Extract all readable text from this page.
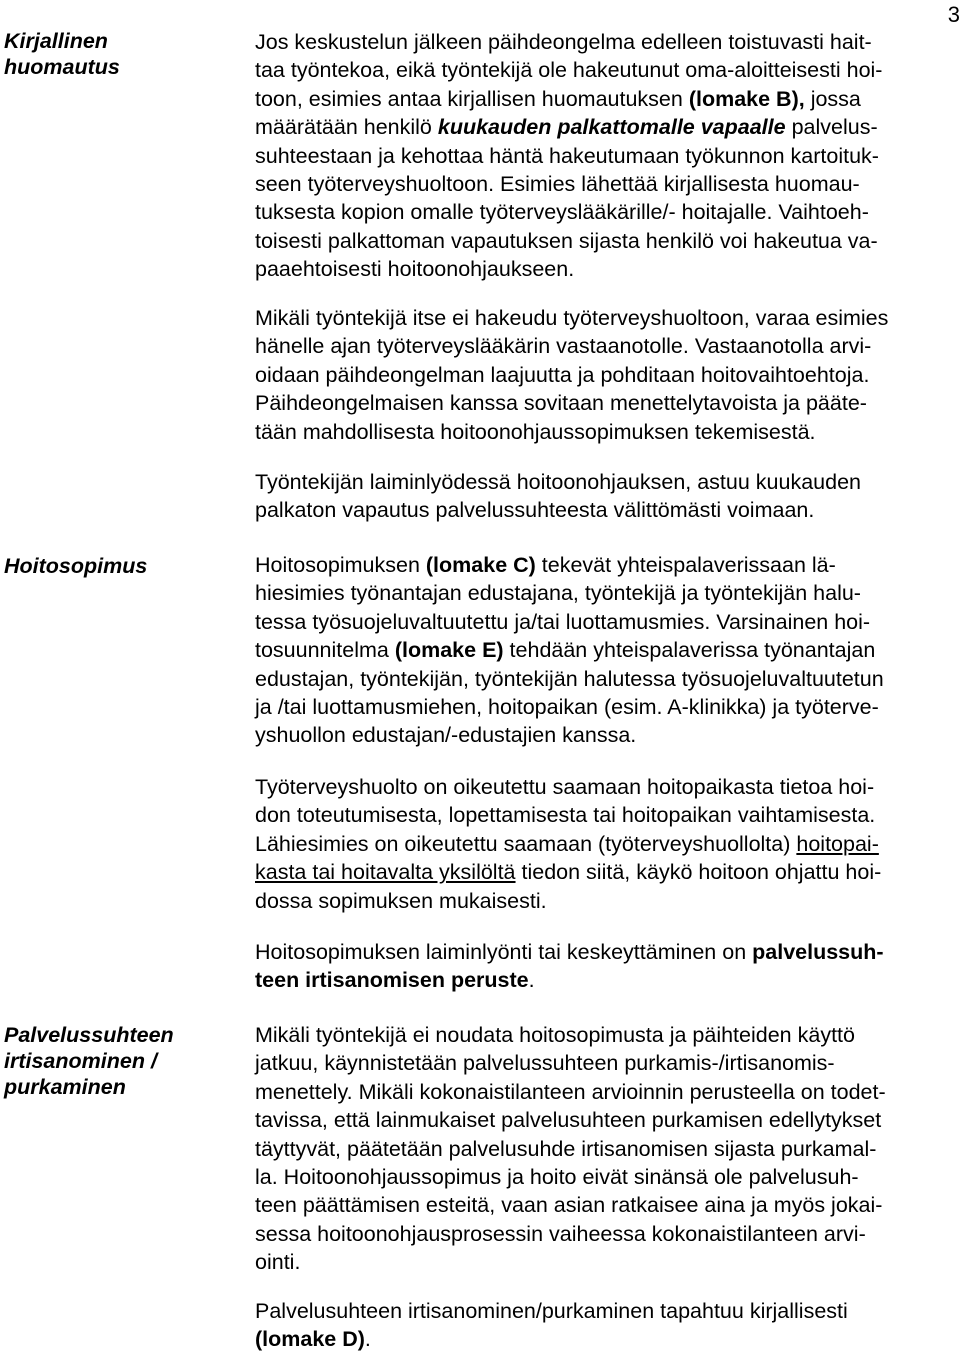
3
Kirjallinen
huomautus
Hoitosopimus
Palvelussuhteen
irtisanominen /
purkaminen
Jos keskustelun jälkeen päihdeongelma edelleen toistuvasti hait-
taa työntekoa, eikä työntekijä ole hakeutunut oma-aloitteisesti hoi-
toon, esimies antaa kirjallisen huomautuksen (lomake B), jossa
määrätään henkilö kuukauden palkattomalle vapaalle palvelus-
suhteestaan ja kehottaa häntä hakeutumaan työkunnon kartoituk-
seen työterveyshuoltoon. Esimies lähettää kirjallisesta huomau-
tuksesta kopion omalle työterveyslääkärille/- hoitajalle. Vaihtoeh-
toisesti palkattoman vapautuksen sijasta henkilö voi hakeutua va-
paaehtoisesti hoitoonohjaukseen.
Mikäli työntekijä itse ei hakeudu työterveyshuoltoon, varaa esimies
hänelle ajan työterveyslääkärin vastaanotolle. Vastaanotolla arvi-
oidaan päihdeongelman laajuutta ja pohditaan hoitovaihtoehtoja.
Päihdeongelmaisen kanssa sovitaan menettelytavoista ja pääte-
tään mahdollisesta hoitoonohjaussopimuksen tekemisestä.
Työntekijän laiminlyödessä hoitoonohjauksen, astuu kuukauden
palkaton vapautus palvelussuhteesta välittömästi voimaan.
Hoitosopimuksen (lomake C) tekevät yhteispalaverissaan lä-
hiesimies työnantajan edustajana, työntekijä ja työntekijän halu-
tessa työsuojeluvaltuutettu ja/tai luottamusmies. Varsinainen hoi-
tosuunnitelma (lomake E) tehdään yhteispalaverissa työnantajan
edustajan, työntekijän, työntekijän halutessa työsuojeluvaltuutetun
ja /tai luottamusmiehen, hoitopaikan (esim. A-klinikka) ja työterve-
yshuollon edustajan/-edustajien kanssa.
Työterveyshuolto on oikeutettu saamaan hoitopaikasta tietoa hoi-
don toteutumisesta, lopettamisesta tai hoitopaikan vaihtamisesta.
Lähiesimies on oikeutettu saamaan (työterveyshuollolta) hoitopai-
kasta tai hoitavalta yksilöltä tiedon siitä, käykö hoitoon ohjattu hoi-
dossa sopimuksen mukaisesti.
Hoitosopimuksen laiminlyönti tai keskeyttäminen on palvelussuh-
teen irtisanomisen peruste.
Mikäli työntekijä ei noudata hoitosopimusta ja päihteiden käyttö
jatkuu, käynnistetään palvelussuhteen purkamis-/irtisanomis-
menettely. Mikäli kokonaistilanteen arvioinnin perusteella on todet-
tavissa, että lainmukaiset palvelusuhteen purkamisen edellytykset
täyttyvät, päätetään palvelusuhde irtisanomisen sijasta purkamal-
la. Hoitoonohjaussopimus ja hoito eivät sinänsä ole palvelusuh-
teen päättämisen esteitä, vaan asian ratkaisee aina ja myös jokai-
sessa hoitoonohjausprosessin vaiheessa kokonaistilanteen arvi-
ointi.
Palvelusuhteen irtisanominen/purkaminen tapahtuu kirjallisesti
(lomake D).
